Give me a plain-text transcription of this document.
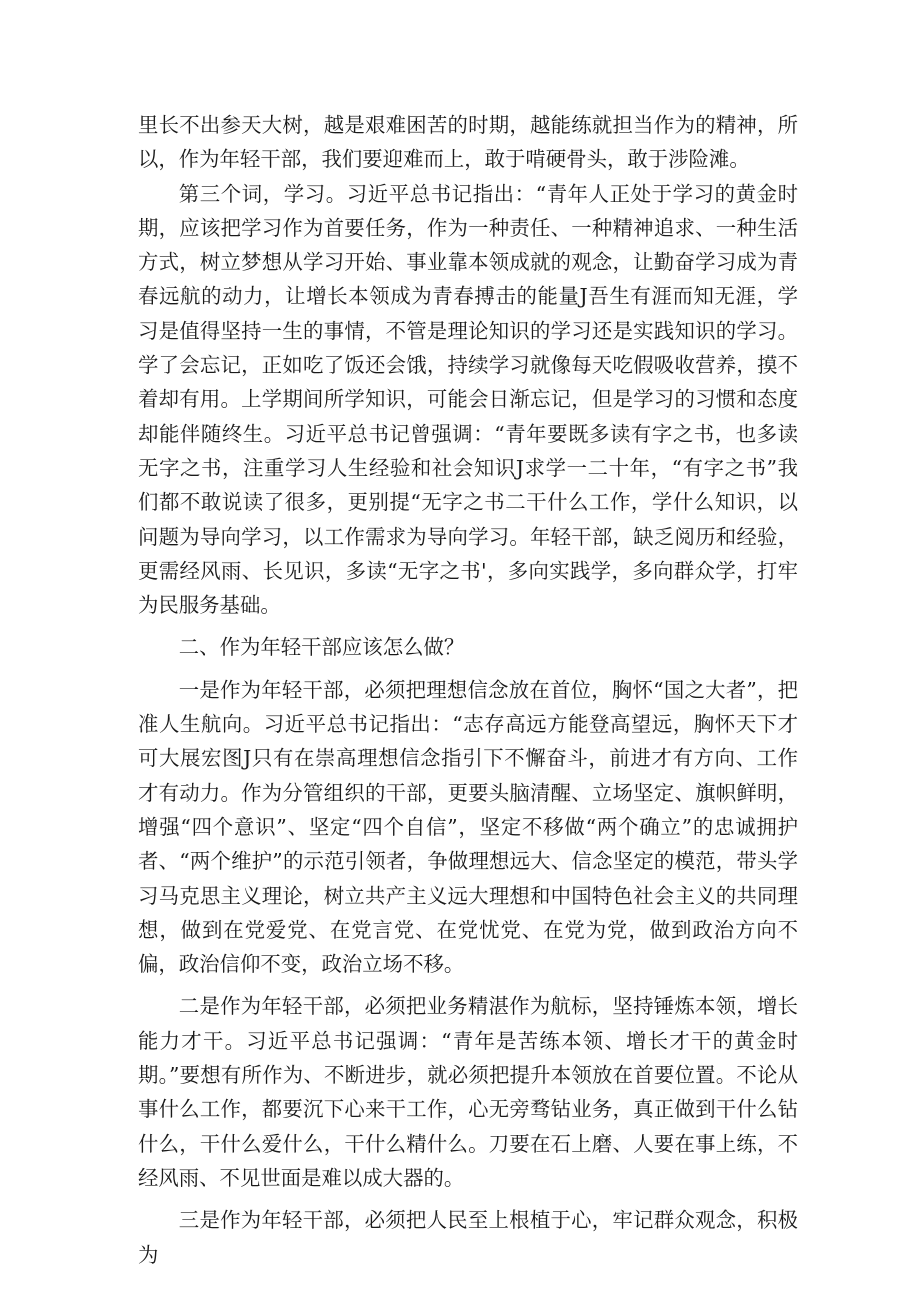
里长不出参天大树，越是艰难困苦的时期，越能练就担当作为的精神，所以，作为年轻干部，我们要迎难而上，敢于啃硬骨头，敢于涉险滩。

第三个词，学习。习近平总书记指出：“青年人正处于学习的黄金时期，应该把学习作为首要任务，作为一种责任、一种精神追求、一种生活方式，树立梦想从学习开始、事业靠本领成就的观念，让勤奋学习成为青春远航的动力，让增长本领成为青春搏击的能量J吾生有涯而知无涯，学习是值得坚持一生的事情，不管是理论知识的学习还是实践知识的学习。学了会忘记，正如吃了饭还会饿，持续学习就像每天吃假吸收营养，摸不着却有用。上学期间所学知识，可能会日渐忘记，但是学习的习惯和态度却能伴随终生。习近平总书记曾强调：“青年要既多读有字之书，也多读无字之书，注重学习人生经验和社会知识J求学一二十年，“有字之书”我们都不敢说读了很多，更别提“无字之书二干什么工作，学什么知识，以问题为导向学习，以工作需求为导向学习。年轻干部，缺乏阅历和经验，更需经风雨、长见识，多读“无字之书'，多向实践学，多向群众学，打牢为民服务基础。

二、作为年轻干部应该怎么做？

一是作为年轻干部，必须把理想信念放在首位，胸怀“国之大者”，把准人生航向。习近平总书记指出：“志存高远方能登高望远，胸怀天下才可大展宏图J只有在崇高理想信念指引下不懈奋斗，前进才有方向、工作才有动力。作为分管组织的干部，更要头脑清醒、立场坚定、旗帜鲜明，增强“四个意识”、坚定“四个自信”，坚定不移做“两个确立”的忠诚拥护者、“两个维护”的示范引领者，争做理想远大、信念坚定的模范，带头学习马克思主义理论，树立共产主义远大理想和中国特色社会主义的共同理想，做到在党爱党、在党言党、在党忧党、在党为党，做到政治方向不偏，政治信仰不变，政治立场不移。

二是作为年轻干部，必须把业务精湛作为航标，坚持锤炼本领，增长能力才干。习近平总书记强调：“青年是苦练本领、增长才干的黄金时期。”要想有所作为、不断进步，就必须把提升本领放在首要位置。不论从事什么工作，都要沉下心来干工作，心无旁骛钻业务，真正做到干什么钻什么，干什么爱什么，干什么精什么。刀要在石上磨、人要在事上练，不经风雨、不见世面是难以成大器的。

三是作为年轻干部，必须把人民至上根植于心，牢记群众观念，积极为
